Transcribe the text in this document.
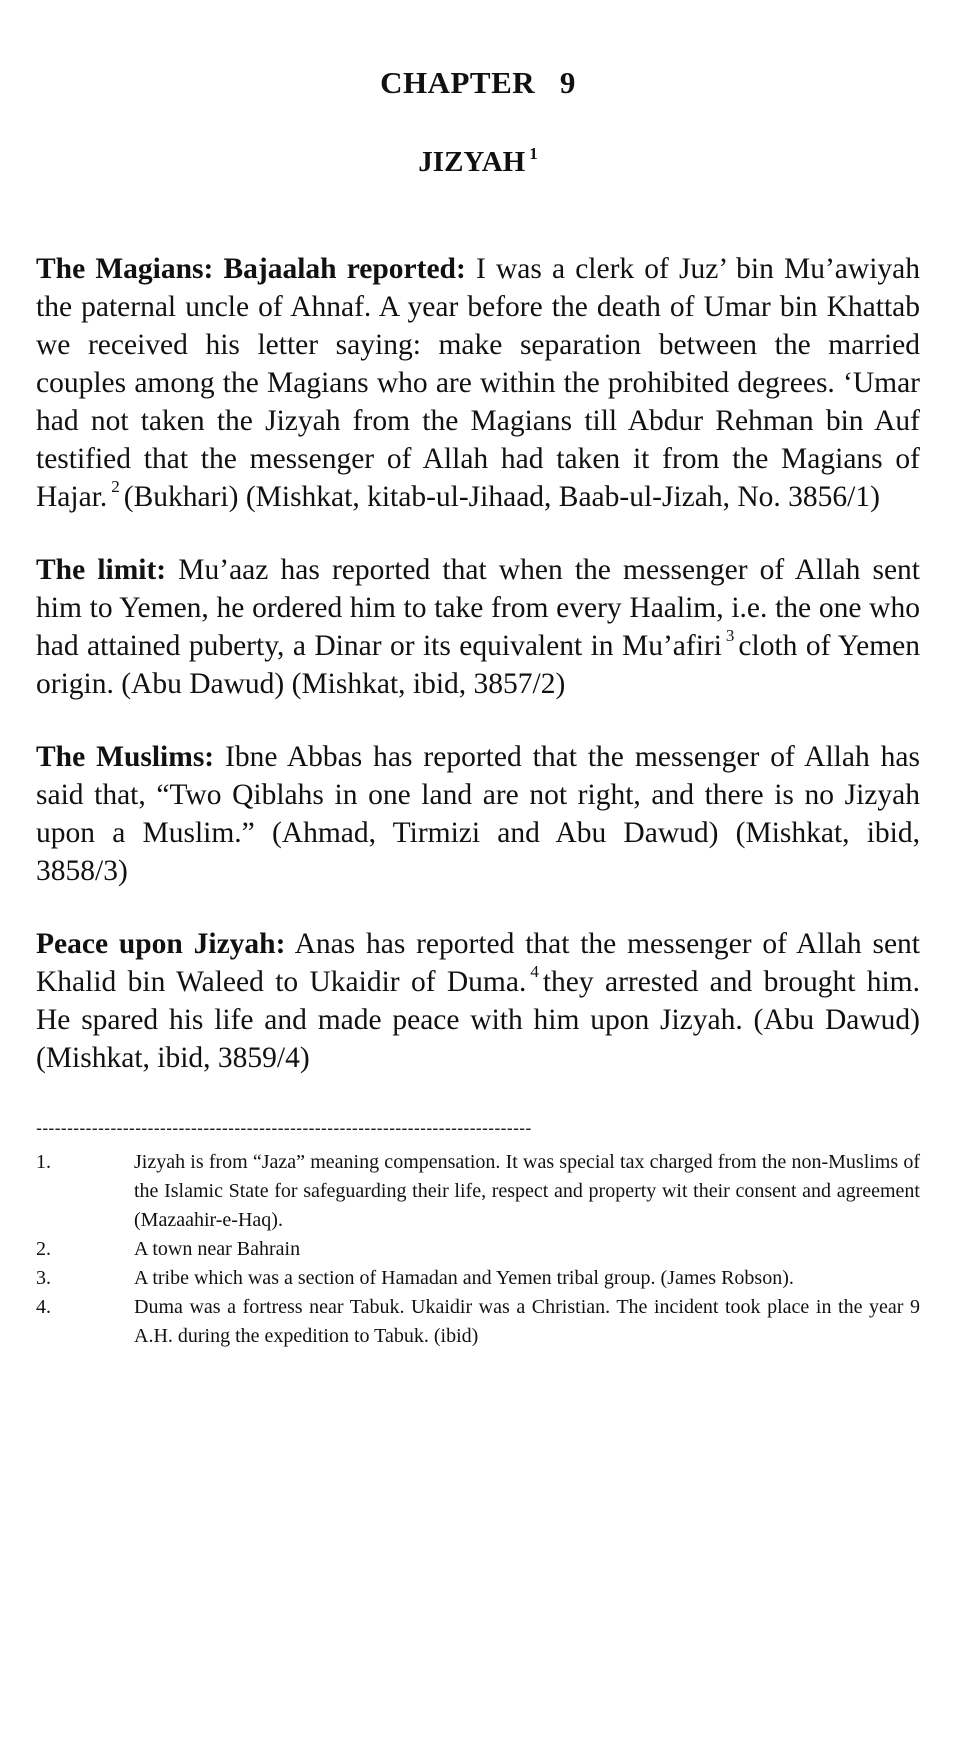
CHAPTER   9
JIZYAH $^1$

The Magians: Bajaalah reported: I was a clerk of Juz’ bin Mu’awiyah the paternal uncle of Ahnaf. A year before the death of Umar bin Khattab we received his letter saying: make separation between the married couples among the Magians who are within the prohibited degrees. ‘Umar had not taken the Jizyah from the Magians till Abdur Rehman bin Auf testified that the messenger of Allah had taken it from the Magians of Hajar. $^2$ (Bukhari) (Mishkat, kitab-ul-Jihaad, Baab-ul-Jizah, No. 3856/1)

The limit: Mu’aaz has reported that when the messenger of Allah sent him to Yemen, he ordered him to take from every Haalim, i.e. the one who had attained puberty, a Dinar or its equivalent in Mu’afiri $^3$ cloth of Yemen origin. (Abu Dawud) (Mishkat, ibid, 3857/2)

The Muslims: Ibne Abbas has reported that the messenger of Allah has said that, “Two Qiblahs in one land are not right, and there is no Jizyah upon a Muslim.” (Ahmad, Tirmizi and Abu Dawud) (Mishkat, ibid, 3858/3)

Peace upon Jizyah: Anas has reported that the messenger of Allah sent Khalid bin Waleed to Ukaidir of Duma. $^4$ they arrested and brought him. He spared his life and made peace with him upon Jizyah. (Abu Dawud) (Mishkat, ibid, 3859/4)

--------------------------------------------------------------------------------
1.	Jizyah is from “Jaza” meaning compensation. It was special tax charged from the non-Muslims of the Islamic State for safeguarding their life, respect and property wit their consent and agreement (Mazaahir-e-Haq).
2.	A town near Bahrain
3.	A tribe which was a section of Hamadan and Yemen tribal group. (James Robson).
4.	Duma was a fortress near Tabuk. Ukaidir was a Christian. The incident took place in the year 9 A.H. during the expedition to Tabuk. (ibid)
